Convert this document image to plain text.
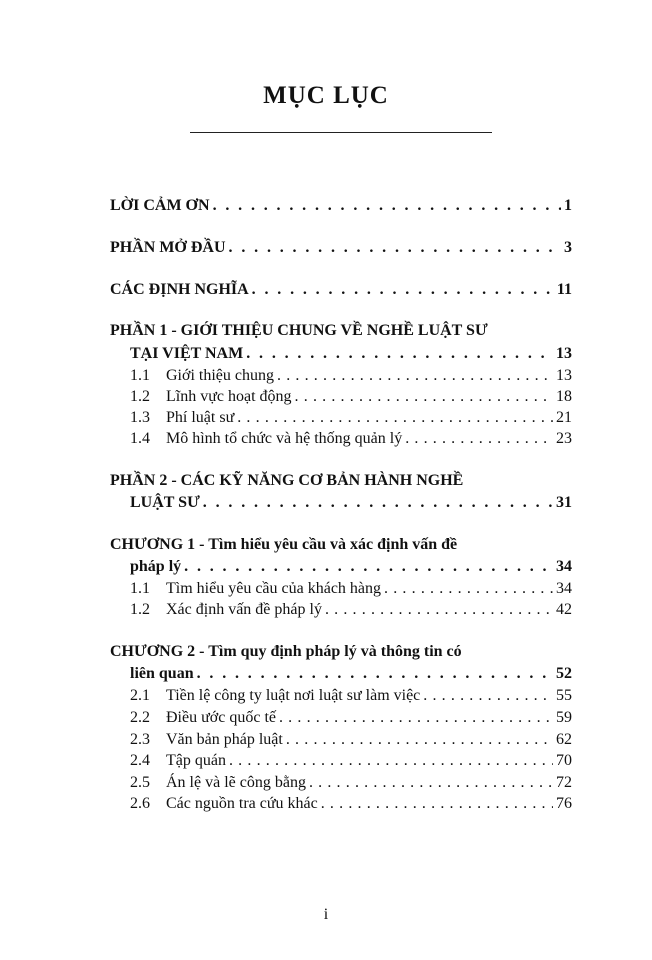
MỤC LỤC
LỜI CẢM ƠN . . .	1
PHẦN MỞ ĐẦU . . .	3
CÁC ĐỊNH NGHĨA . . .	11
PHẦN 1 - GIỚI THIỆU CHUNG VỀ NGHỀ LUẬT SƯ
TẠI VIỆT NAM . . .	13
1.1 Giới thiệu chung . . .	13
1.2 Lĩnh vực hoạt động . . .	18
1.3 Phí luật sư . . .	21
1.4 Mô hình tổ chức và hệ thống quản lý . . .	23
PHẦN 2 - CÁC KỸ NĂNG CƠ BẢN HÀNH NGHỀ
LUẬT SƯ . . .	31
CHƯƠNG 1 - Tìm hiểu yêu cầu và xác định vấn đề
pháp lý . . .	34
1.1 Tìm hiểu yêu cầu của khách hàng . . .	34
1.2 Xác định vấn đề pháp lý . . .	42
CHƯƠNG 2 - Tìm quy định pháp lý và thông tin có
liên quan . . .	52
2.1 Tiền lệ công ty luật nơi luật sư làm việc . . .	55
2.2 Điều ước quốc tế . . .	59
2.3 Văn bản pháp luật . . .	62
2.4 Tập quán . . .	70
2.5 Án lệ và lẽ công bằng . . .	72
2.6 Các nguồn tra cứu khác . . .	76
i
